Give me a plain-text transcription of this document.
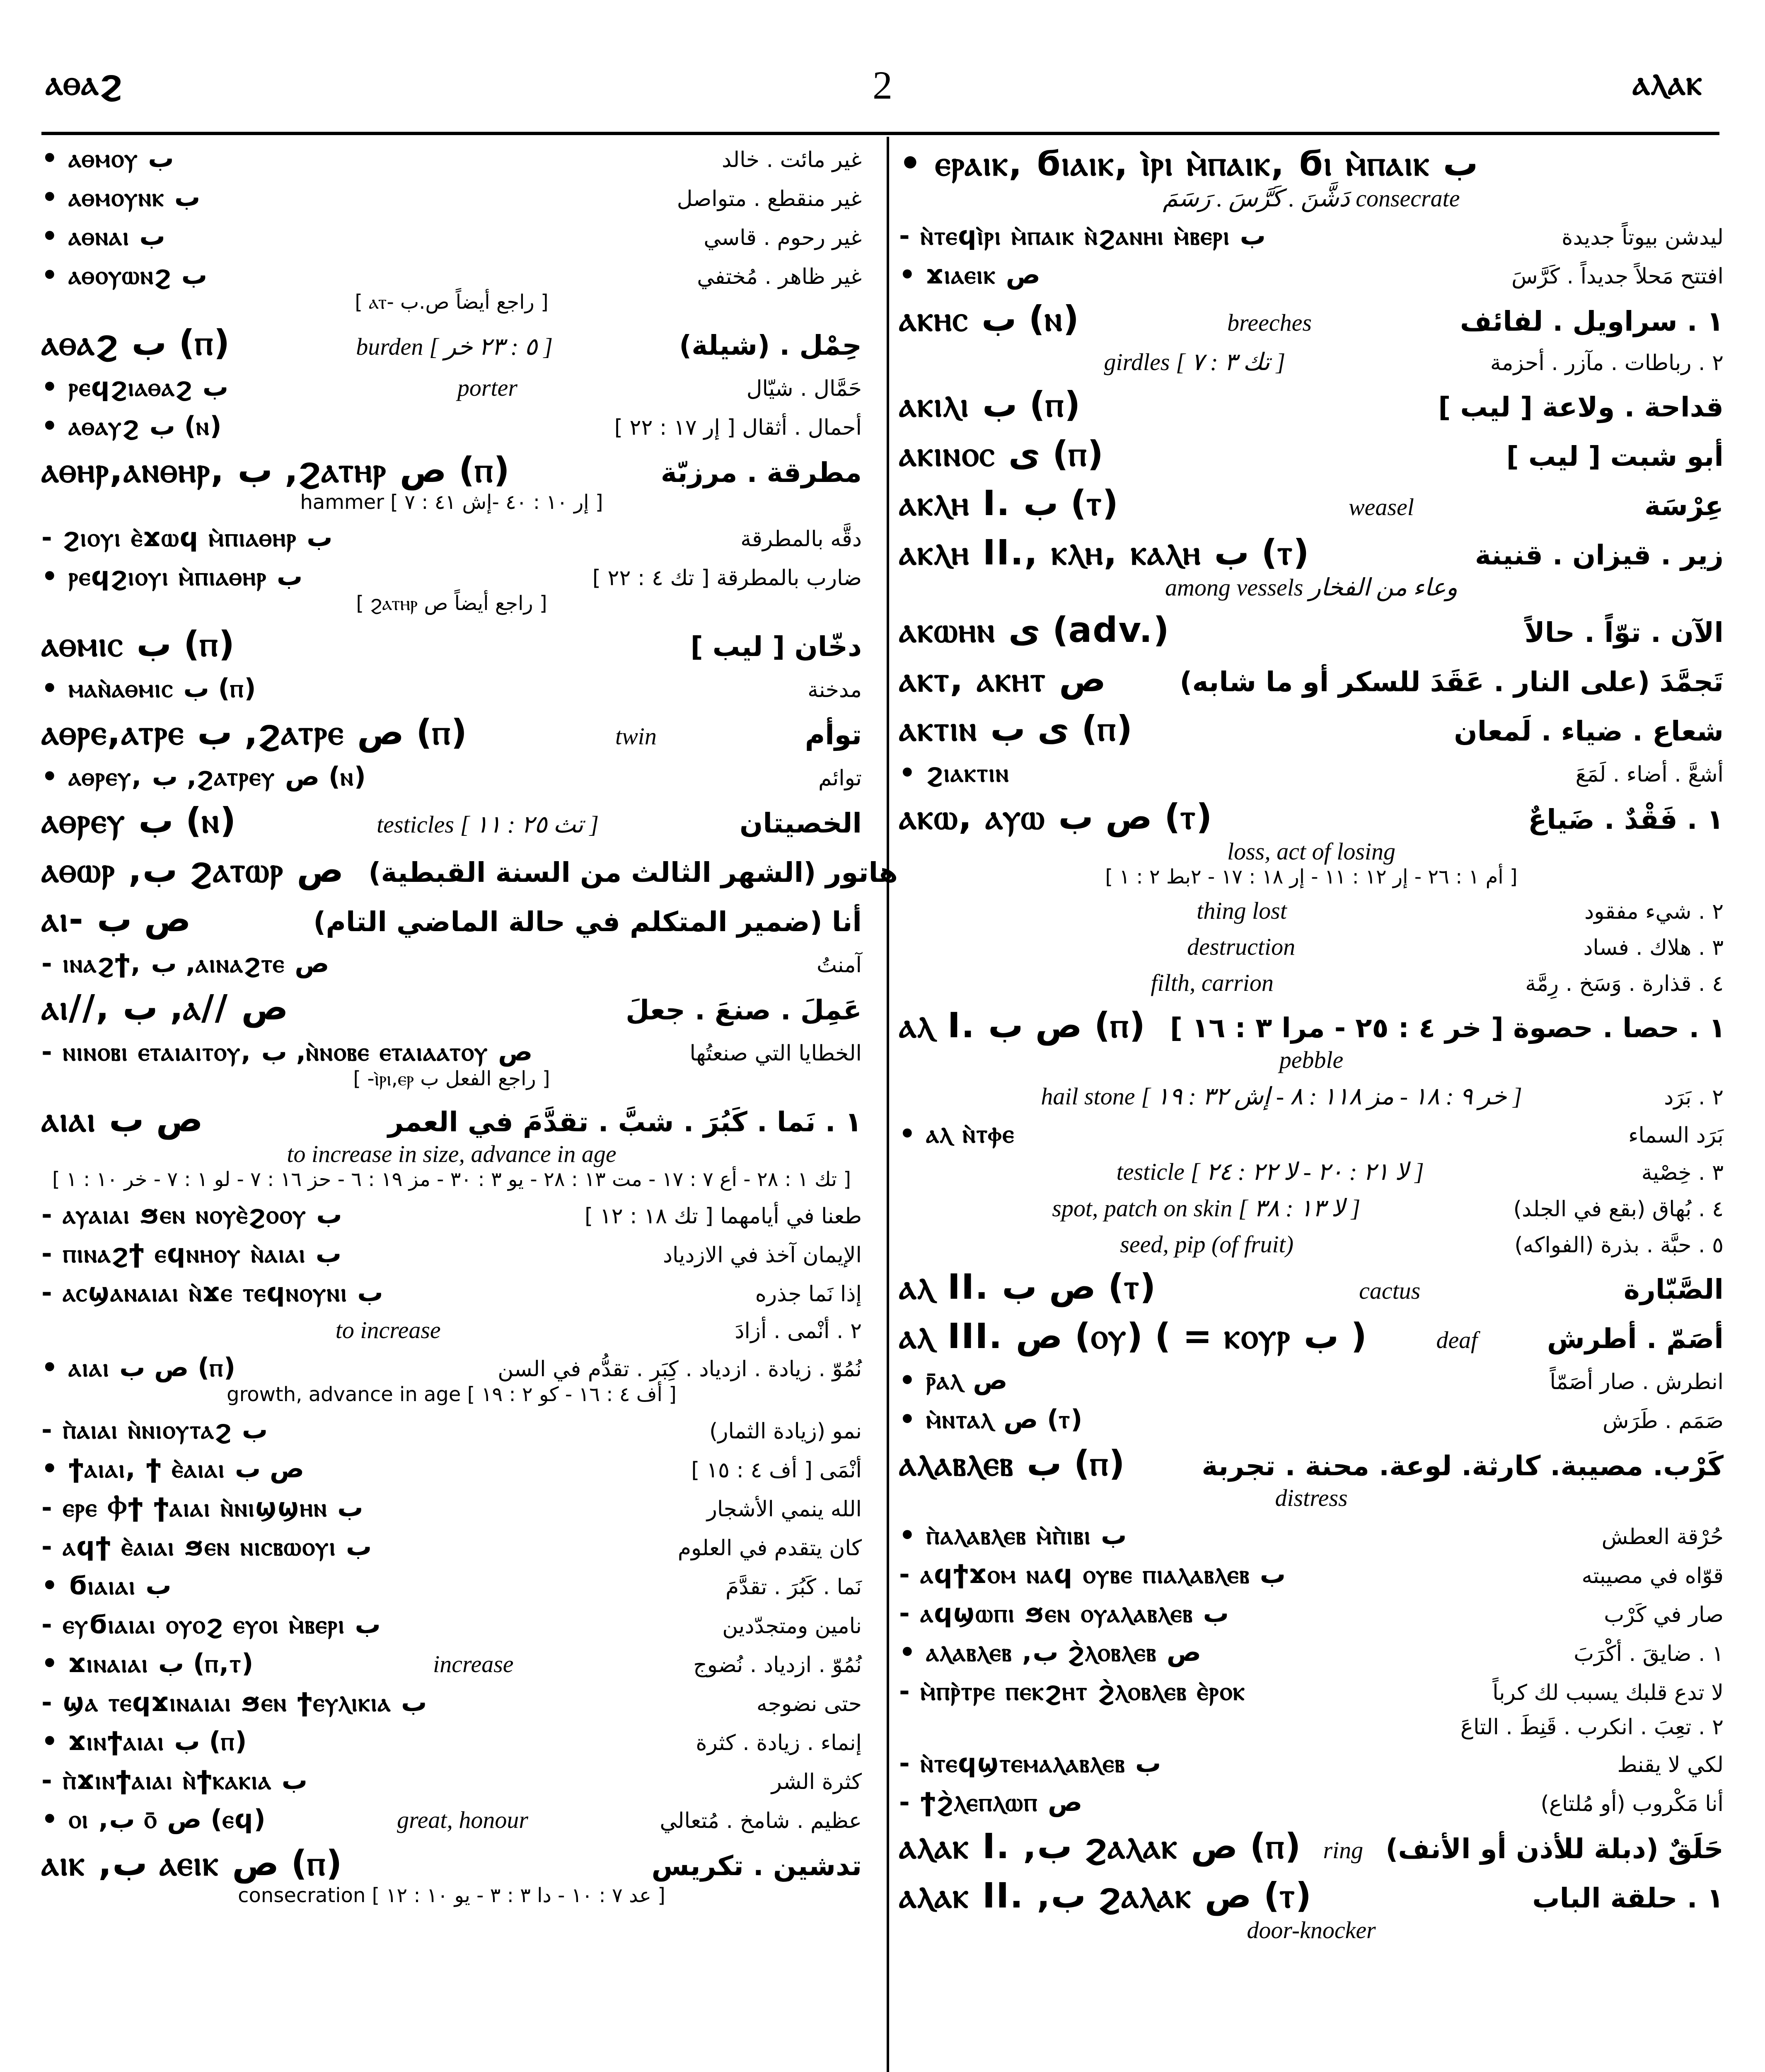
ⲁⲑⲁϩ	2	ⲁⲗⲁⲕ
• ⲁⲑⲙⲟⲩ ب	غير مائت . خالد
• ⲁⲑⲙⲟⲩⲛⲕ ب	غير منقطع . متواصل
• ⲁⲑⲛⲁⲓ ب	غير رحوم . قاسي
• ⲁⲑⲟⲩⲱⲛϩ ب	غير ظاهر . مُختفي
[ راجع أيضاً ص.ب -ⲁⲧ ]
ⲁⲑⲁϩ ب (ⲡ)	burden [ ٥ : ٢٣ خر ]	حِمْل . (شيلة)
• ⲣⲉϥϩⲓⲁⲑⲁϩ ب	porter	حَمَّال . شيّال
• ⲁⲑⲁⲩϩ ب (ⲛ)	أحمال . أثقال [ إر ١٧ : ٢٢ ]
ⲁⲑⲏⲣ,ⲁⲛⲑⲏⲣ, ب ,ϩⲁⲧⲏⲣ ص (ⲡ)	مطرقة . مرزبّة
[ إر ١٠ : ٤٠ -إش ٤١ : ٧ ] hammer
- ϩⲓⲟⲩⲓ ⲉ̀ϫⲱϥ ⲙ̀ⲡⲓⲁⲑⲏⲣ ب	دقَّه بالمطرقة
• ⲣⲉϥϩⲓⲟⲩⲓ ⲙ̀ⲡⲓⲁⲑⲏⲣ ب	ضارب بالمطرقة [ تك ٤ : ٢٢ ]
[ راجع أيضاً ص ϩⲁⲧⲏⲣ ]
ⲁⲑⲙⲓⲥ ب (ⲡ)	دخّان [ ليب ]
• ⲙⲁⲛ̀ⲁⲑⲙⲓⲥ ب (ⲡ)	مدخنة
ⲁⲑⲣⲉ,ⲁⲧⲣⲉ ب ,ϩⲁⲧⲣⲉ ص (ⲡ)	twin	توأم
• ⲁⲑⲣⲉⲩ, ب ,ϩⲁⲧⲣⲉⲩ ص (ⲛ)	توائم
ⲁⲑⲣⲉⲩ ب (ⲛ)	testicles [ تث ٢٥ : ١١ ]	الخصيتان
ⲁⲑⲱⲣ ,ب ϩⲁⲧⲱⲣ ص هاتور (الشهر الثالث من السنة القبطية)
ⲁⲓ- ص ب	أنا (ضمير المتكلم في حالة الماضي التام)
- ⲓⲛⲁϩϯ, ب ,ⲁⲓⲛⲁϩⲧⲉ ص	آمنتُ
ⲁⲓ//, ب ,ⲁ// ص	عَمِلَ . صنعَ . جعلَ
- ⲛⲓⲛⲟⲃⲓ ⲉⲧⲁⲓⲁⲓⲧⲟⲩ, ب ,ⲛ̀ⲛⲟⲃⲉ ⲉⲧⲁⲓⲁⲁⲧⲟⲩ ص	الخطايا التي صنعتُها
[ راجع الفعل ب ⲓ̀ⲣⲓ,ⲉⲣ- ]
ⲁⲓⲁⲓ ص ب	١ . نَما . كَبُرَ . شبَّ . تقدَّمَ في العمر
to increase in size, advance in age
[ تك ١ : ٢٨ - أع ٧ : ١٧ - مت ١٣ : ٢٨ - يو ٣ : ٣٠ - مز ١٩ : ٦ - حز ١٦ : ٧ - لو ١ : ٧ - خر ١٠ : ١ ]
- ⲁⲩⲁⲓⲁⲓ ϧⲉⲛ ⲛⲟⲩⲉ̀ϩⲟⲟⲩ ب	طعنا في أيامهما [ تك ١٨ : ١٢ ]
- ⲡⲓⲛⲁϩϯ ⲉϥⲛⲏⲟⲩ ⲛ̀ⲁⲓⲁⲓ ب	الإيمان آخذ في الازدياد
- ⲁⲥϣⲁⲛⲁⲓⲁⲓ ⲛ̀ϫⲉ ⲧⲉϥⲛⲟⲩⲛⲓ ب	إذا نَما جذره
to increase	٢ . أنْمى . أزادَ
• ⲁⲓⲁⲓ ص ب (ⲡ)	نُمُوّ . زيادة . ازدياد . كِبَر . تقدُّم في السن
growth, advance in age [ أف ٤ : ١٦ - كو ٢ : ١٩ ]
- ⲡ̀ⲁⲓⲁⲓ ⲛ̀ⲛⲓⲟⲩⲧⲁϩ ب	نمو (زيادة الثمار)
• ϯⲁⲓⲁⲓ, ϯ ⲉ̀ⲁⲓⲁⲓ ص ب	أنْمَى [ أف ٤ : ١٥ ]
- ⲉⲣⲉ Ⲫϯ ϯⲁⲓⲁⲓ ⲛ̀ⲛⲓϣϣⲏⲛ ب	الله ينمي الأشجار
- ⲁϥϯ ⲉ̀ⲁⲓⲁⲓ ϧⲉⲛ ⲛⲓⲥⲃⲱⲟⲩⲓ ب	كان يتقدم في العلوم
• ϭⲓⲁⲓⲁⲓ ب	نَما . كَبُرَ . تقدَّمَ
- ⲉⲩϭⲓⲁⲓⲁⲓ ⲟⲩⲟϩ ⲉⲩⲟⲓ ⲙ̀ⲃⲉⲣⲓ ب	نامين ومتجدّدين
• ϫⲓⲛⲁⲓⲁⲓ ب (ⲡ,ⲧ)	increase	نُمُوّ . ازدياد . نُضوج
- ϣⲁ ⲧⲉϥϫⲓⲛⲁⲓⲁⲓ ϧⲉⲛ ϯⲉⲩⲗⲓⲕⲓⲁ ب	حتى نضوجه
• ϫⲓⲛϯⲁⲓⲁⲓ ب (ⲡ)	إنماء . زيادة . كثرة
- ⲡ̀ϫⲓⲛϯⲁⲓⲁⲓ ⲛ̀ϯⲕⲁⲕⲓⲁ ب	كثرة الشر
• ⲟⲓ ,ب ⲟ̄ ص (ⲉϥ)	great, honour	عظيم . شامخ . مُتعالي
ⲁⲓⲕ ,ب ⲁⲉⲓⲕ ص (ⲡ)	تدشين . تكريس
consecration [ عد ٧ : ١٠ - دا ٣ : ٣ - يو ١٠ : ١٢ ]
• ⲉⲣⲁⲓⲕ, ϭⲓⲁⲓⲕ, ⲓ̀ⲣⲓ ⲙ̀ⲡⲁⲓⲕ, ϭⲓ ⲙ̀ⲡⲁⲓⲕ ب
دَشَّنَ . كَرَّسَ . رَسَمَ consecrate
- ⲛ̀ⲧⲉϥⲓ̀ⲣⲓ ⲙ̀ⲡⲁⲓⲕ ⲛ̀ϩⲁⲛⲏⲓ ⲙ̀ⲃⲉⲣⲓ ب	ليدشن بيوتاً جديدة
• ϫⲓⲁⲉⲓⲕ ص	افتتح مَحلاً جديداً . كَرَّسَ
ⲁⲕⲏⲥ ب (ⲛ)	breeches	١ . سراويل . لفائف
girdles [ تك ٣ : ٧ ]	٢ . رباطات . مآزر . أحزمة
ⲁⲕⲓⲗⲓ ب (ⲡ)	قداحة . ولاعة [ ليب ]
ⲁⲕⲓⲛⲟⲥ ى (ⲡ)	أبو شبت [ ليب ]
ⲁⲕⲗⲏ I. ب (ⲧ)	weasel	عِرْسَة
ⲁⲕⲗⲏ II., ⲕⲗⲏ, ⲕⲁⲗⲏ ب (ⲧ)	زير . قيزان . قنينة
among vessels وعاء من الفخار
ⲁⲕⲱⲏⲛ ى (adv.)	الآن . توّاً . حالاً
ⲁⲕⲧ, ⲁⲕⲏⲧ ص	تَجمَّدَ (على النار . عَقَدَ للسكر أو ما شابه)
ⲁⲕⲧⲓⲛ ى ب (ⲡ)	شعاع . ضياء . لَمعان
• ϩⲓⲁⲕⲧⲓⲛ	أشعَّ . أضاء . لَمَعَ
ⲁⲕⲱ, ⲁⲩⲱ ص ب (ⲧ)	١ . فَقْدٌ . ضَياعٌ
loss, act of losing
[ أم ١ : ٢٦ - إر ١٢ : ١١ - إر ١٨ : ١٧ - ٢بط ٢ : ١ ]
thing lost	٢ . شيء مفقود
destruction	٣ . هلاك . فساد
filth, carrion	٤ . قذارة . وَسَخ . رِمَّة
ⲁⲗ I. ص ب (ⲡ) ١ . حصا . حصوة [ خر ٤ : ٢٥ - مرا ٣ : ١٦ ]
pebble
hail stone [ خر ٩ : ١٨ - مز ١١٨ : ٨ - إش ٣٢ : ١٩ ]	٢ . بَرَد
• ⲁⲗ ⲛ̀ⲧⲫⲉ	بَرَد السماء
testicle [ لا ٢١ : ٢٠ - لا ٢٢ : ٢٤ ]	٣ . خِصْية
spot, patch on skin [ لا ١٣ : ٣٨ ]	٤ . بُهاق (بقع في الجلد)
seed, pip (of fruit)	٥ . حبَّة . بذرة (الفواكه)
ⲁⲗ II. ص ب (ⲧ)	cactus	الصَّبّارة
ⲁⲗ III. ص (ⲟⲩ) ( = ⲕⲟⲩⲣ ب )	deaf	أصَمّ . أطرش
• ⲣ̄ⲁⲗ ص	انطرش . صار أصَمّاً
• ⲙ̀ⲛⲧⲁⲗ ص (ⲧ)	صَمَم . طَرَش
ⲁⲗⲁⲃⲗⲉⲃ ب (ⲡ)	كَرْب. مصيبة. كارثة. لوعة. محنة . تجربة
distress
• ⲡ̀ⲁⲗⲁⲃⲗⲉⲃ ⲙ̀ⲡ̀ⲓⲃⲓ ب	حُرْقة العطش
- ⲁϥϯϫⲟⲙ ⲛⲁϥ ⲟⲩⲃⲉ ⲡⲓⲁⲗⲁⲃⲗⲉⲃ ب	قوّاه في مصيبته
- ⲁϥϣⲱⲡⲓ ϧⲉⲛ ⲟⲩⲁⲗⲁⲃⲗⲉⲃ ب	صار في كَرْب
• ⲁⲗⲁⲃⲗⲉⲃ ,ب ϩ̀ⲗⲟⲃⲗⲉⲃ ص	١ . ضايقَ . أكْرَبَ
- ⲙ̀ⲡⲣ̀ⲧⲣⲉ ⲡⲉⲕϩⲏⲧ ϩ̀ⲗⲟⲃⲗⲉⲃ ⲉ̀ⲣⲟⲕ	لا تدع قلبك يسبب لك كرباً
٢ . تعِبَ . انكرب . قَنِطَ . التاعَ
- ⲛ̀ⲧⲉϥϣⲧⲉⲙⲁⲗⲁⲃⲗⲉⲃ ب	لكي لا يقنط
- ϯϩ̀ⲗⲉⲡⲗⲱⲡ ص	أنا مَكْروب (أو مُلتاع)
ⲁⲗⲁⲕ I. ,ب ϩⲁⲗⲁⲕ ص (ⲡ) ring حَلَقٌ (دبلة للأذن أو الأنف)
ⲁⲗⲁⲕ II. ,ب ϩⲁⲗⲁⲕ ص (ⲧ)	١ . حلقة الباب
door-knocker
